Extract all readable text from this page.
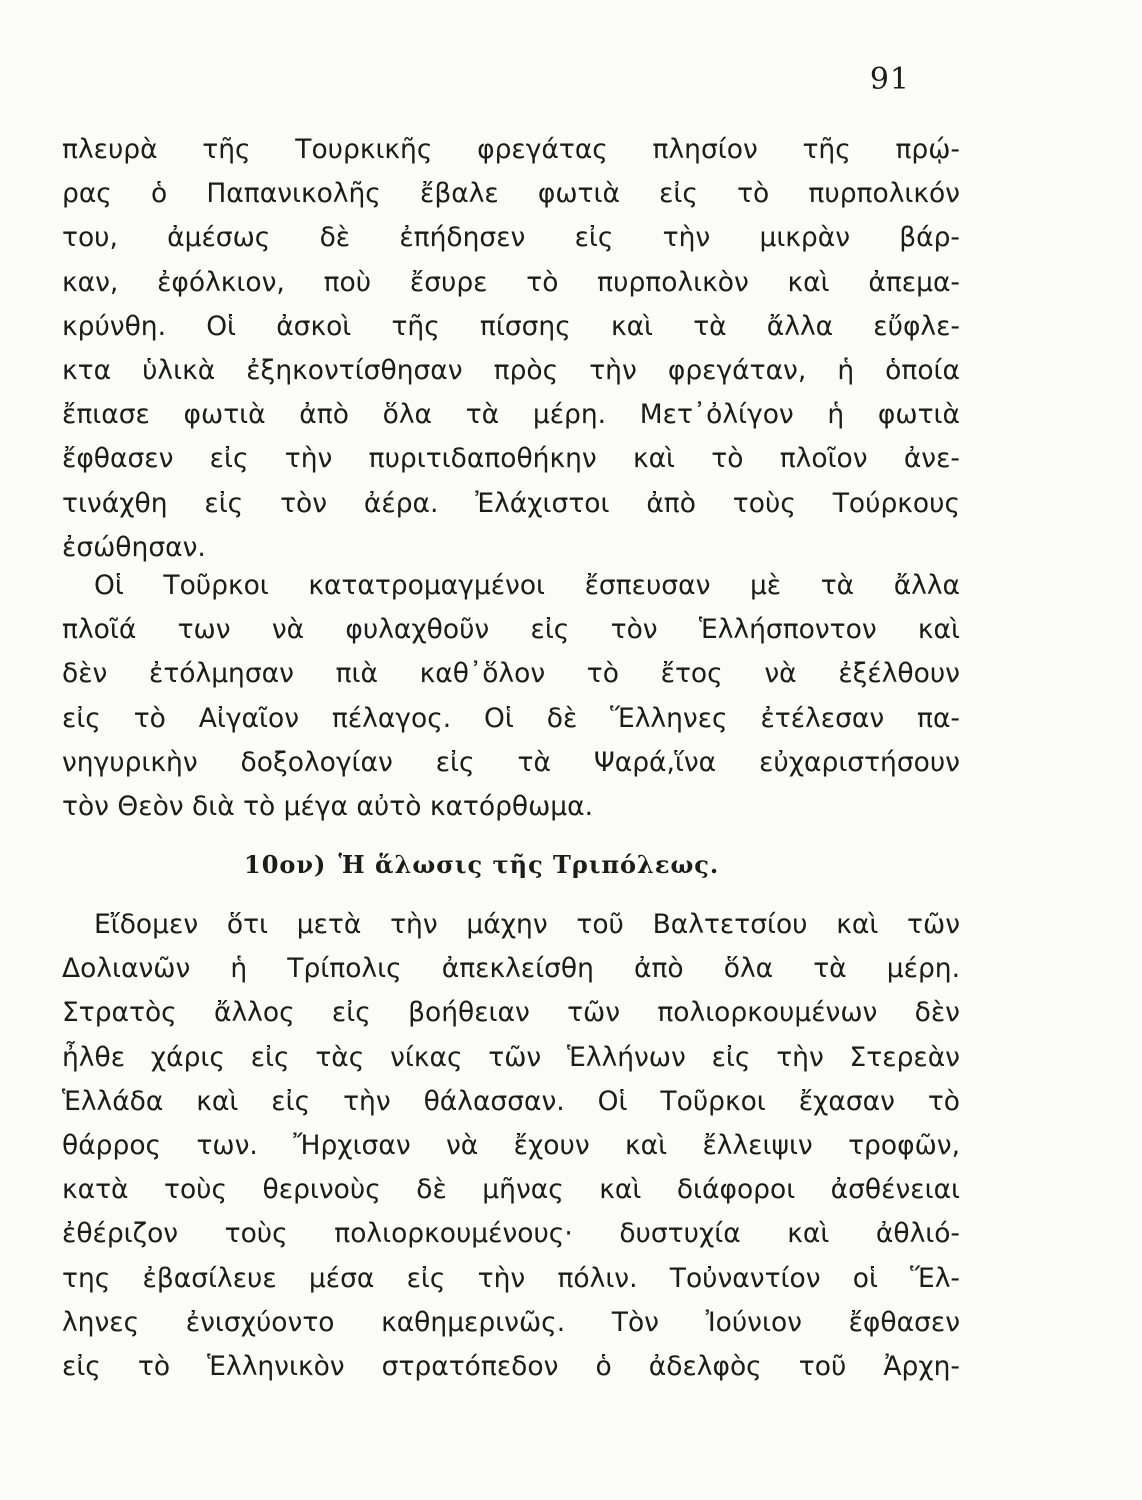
91
πλευρὰ τῆς Τουρκικῆς φρεγάτας πλησίον τῆς πρῴ-
ρας ὁ Παπανικολῆς ἔβαλε φωτιὰ εἰς τὸ πυρπολικόν
του, ἀμέσως δὲ ἐπήδησεν εἰς τὴν μικρὰν βάρ-
καν, ἐφόλκιον, ποὺ ἔσυρε τὸ πυρπολικὸν καὶ ἀπεμα-
κρύνθη. Οἱ ἀσκοὶ τῆς πίσσης καὶ τὰ ἄλλα εὔφλε-
κτα ὑλικὰ ἐξηκοντίσθησαν πρὸς τὴν φρεγάταν, ἡ ὁποία
ἔπιασε φωτιὰ ἀπὸ ὅλα τὰ μέρη. Μετ᾽ὀλίγον ἡ φωτιὰ
ἔφθασεν εἰς τὴν πυριτιδαποθήκην καὶ τὸ πλοῖον ἀνε-
τινάχθη εἰς τὸν ἀέρα. Ἐλάχιστοι ἀπὸ τοὺς Τούρκους
ἐσώθησαν.
Οἱ Τοῦρκοι κατατρομαγμένοι ἔσπευσαν μὲ τὰ ἄλλα
πλοῖά των νὰ φυλαχθοῦν εἰς τὸν Ἑλλήσποντον καὶ
δὲν ἐτόλμησαν πιὰ καθ᾽ὅλον τὸ ἔτος νὰ ἐξέλθουν
εἰς τὸ Αἰγαῖον πέλαγος. Οἱ δὲ Ἕλληνες ἐτέλεσαν πα-
νηγυρικὴν δοξολογίαν εἰς τὰ Ψαρά,ἵνα εὐχαριστήσουν
τὸν Θεὸν διὰ τὸ μέγα αὐτὸ κατόρθωμα.
10ον) Ἡ ἅλωσις τῆς Τριπόλεως.
Εἴδομεν ὅτι μετὰ τὴν μάχην τοῦ Βαλτετσίου καὶ τῶν
Δολιανῶν ἡ Τρίπολις ἀπεκλείσθη ἀπὸ ὅλα τὰ μέρη.
Στρατὸς ἄλλος εἰς βοήθειαν τῶν πολιορκουμένων δὲν
ἦλθε χάρις εἰς τὰς νίκας τῶν Ἑλλήνων εἰς τὴν Στερεὰν
Ἑλλάδα καὶ εἰς τὴν θάλασσαν. Οἱ Τοῦρκοι ἔχασαν τὸ
θάρρος των. Ἤρχισαν νὰ ἔχουν καὶ ἔλλειψιν τροφῶν,
κατὰ τοὺς θερινοὺς δὲ μῆνας καὶ διάφοροι ἀσθένειαι
ἐθέριζον τοὺς πολιορκουμένους· δυστυχία καὶ ἀθλιό-
της ἐβασίλευε μέσα εἰς τὴν πόλιν. Τοὐναντίον οἱ Ἕλ-
ληνες ἐνισχύοντο καθημερινῶς. Τὸν Ἰούνιον ἔφθασεν
εἰς τὸ Ἑλληνικὸν στρατόπεδον ὁ ἀδελφὸς τοῦ Ἀρχη-
